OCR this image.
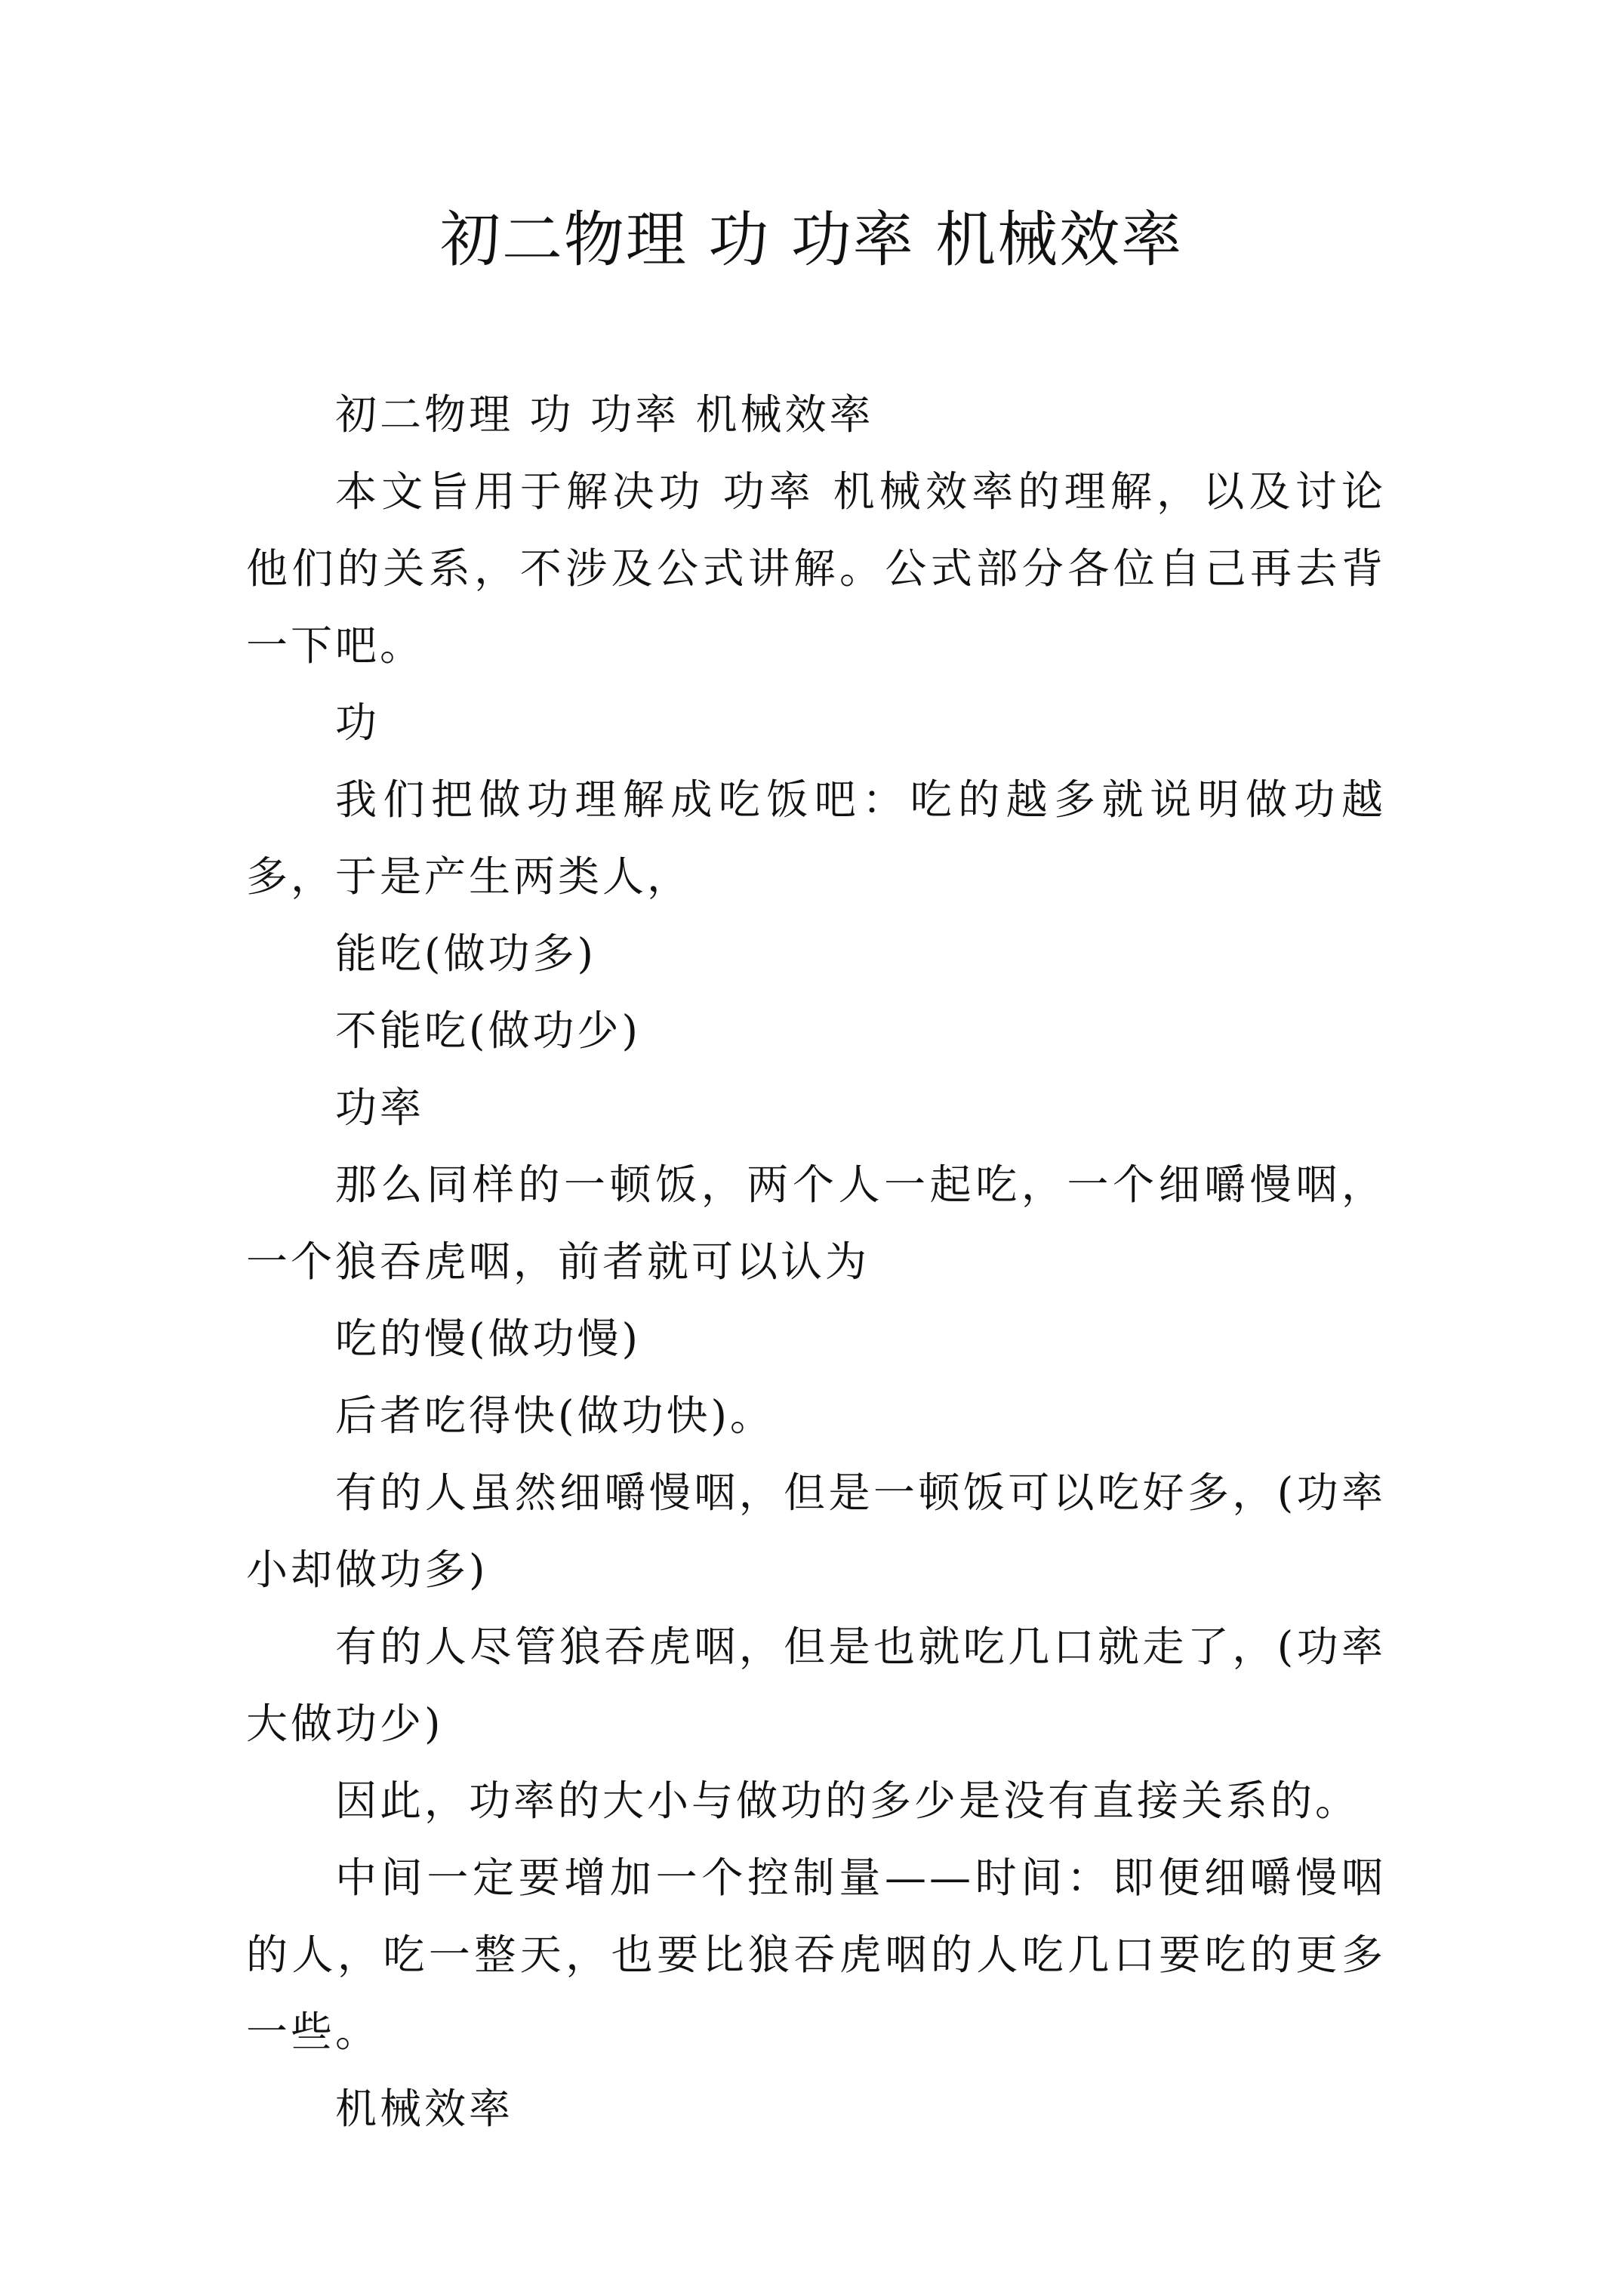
初二物理 功 功率 机械效率

初二物理 功 功率 机械效率

本文旨用于解决功 功率 机械效率的理解，以及讨论他们的关系，不涉及公式讲解。公式部分各位自己再去背一下吧。

功

我们把做功理解成吃饭吧：吃的越多就说明做功越多，于是产生两类人，

能吃(做功多)

不能吃(做功少)

功率

那么同样的一顿饭，两个人一起吃，一个细嚼慢咽，一个狼吞虎咽，前者就可以认为

吃的慢(做功慢)

后者吃得快(做功快)。

有的人虽然细嚼慢咽，但是一顿饭可以吃好多，(功率小却做功多)

有的人尽管狼吞虎咽，但是也就吃几口就走了，(功率大做功少)

因此，功率的大小与做功的多少是没有直接关系的。

中间一定要增加一个控制量——时间：即便细嚼慢咽的人，吃一整天，也要比狼吞虎咽的人吃几口要吃的更多一些。

机械效率
